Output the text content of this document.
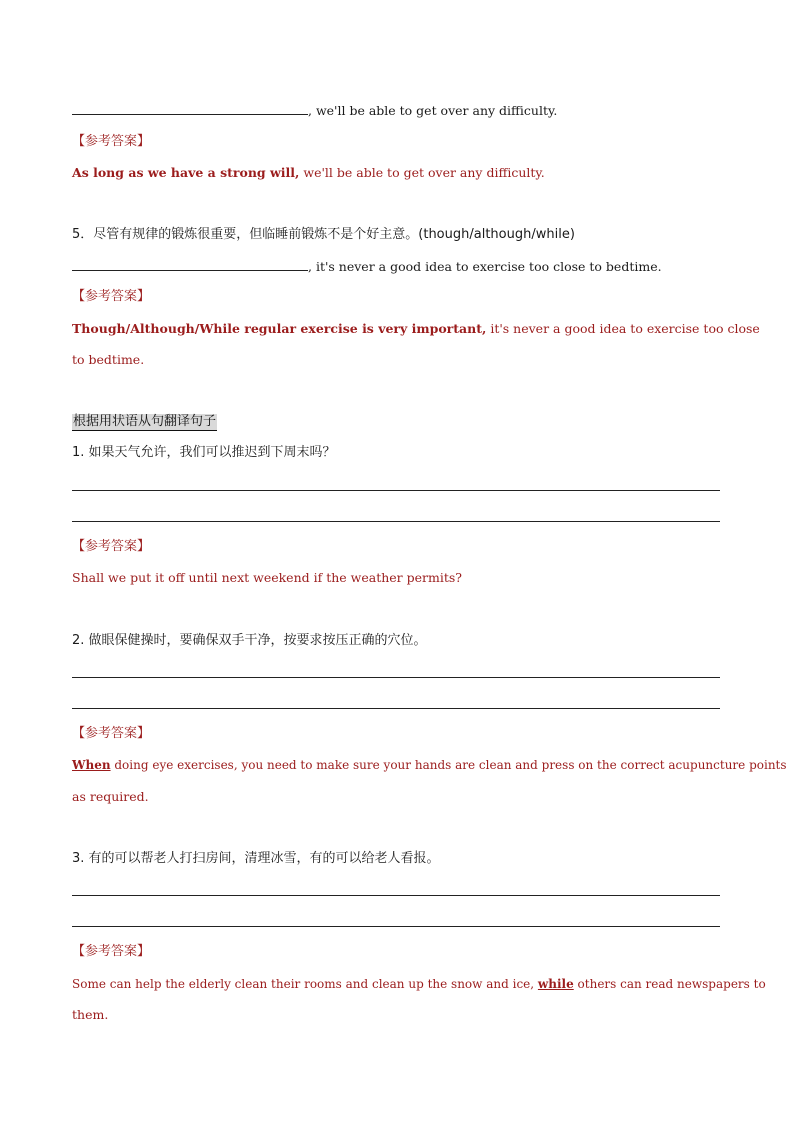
, we'll be able to get over any difficulty.
【参考答案】
As long as we have a strong will, we'll be able to get over any difficulty.
5．尽管有规律的锻炼很重要，但临睡前锻炼不是个好主意。(though/although/while)
, it's never a good idea to exercise too close to bedtime.
【参考答案】
Though/Although/While regular exercise is very important, it's never a good idea to exercise too close
to bedtime.
根据用状语从句翻译句子
1. 如果天气允许，我们可以推迟到下周末吗？
【参考答案】
Shall we put it off until next weekend if the weather permits?
2. 做眼保健操时，要确保双手干净，按要求按压正确的穴位。
【参考答案】
When doing eye exercises, you need to make sure your hands are clean and press on the correct acupuncture points
as required.
3. 有的可以帮老人打扫房间，清理冰雪，有的可以给老人看报。
【参考答案】
Some can help the elderly clean their rooms and clean up the snow and ice, while others can read newspapers to
them.
